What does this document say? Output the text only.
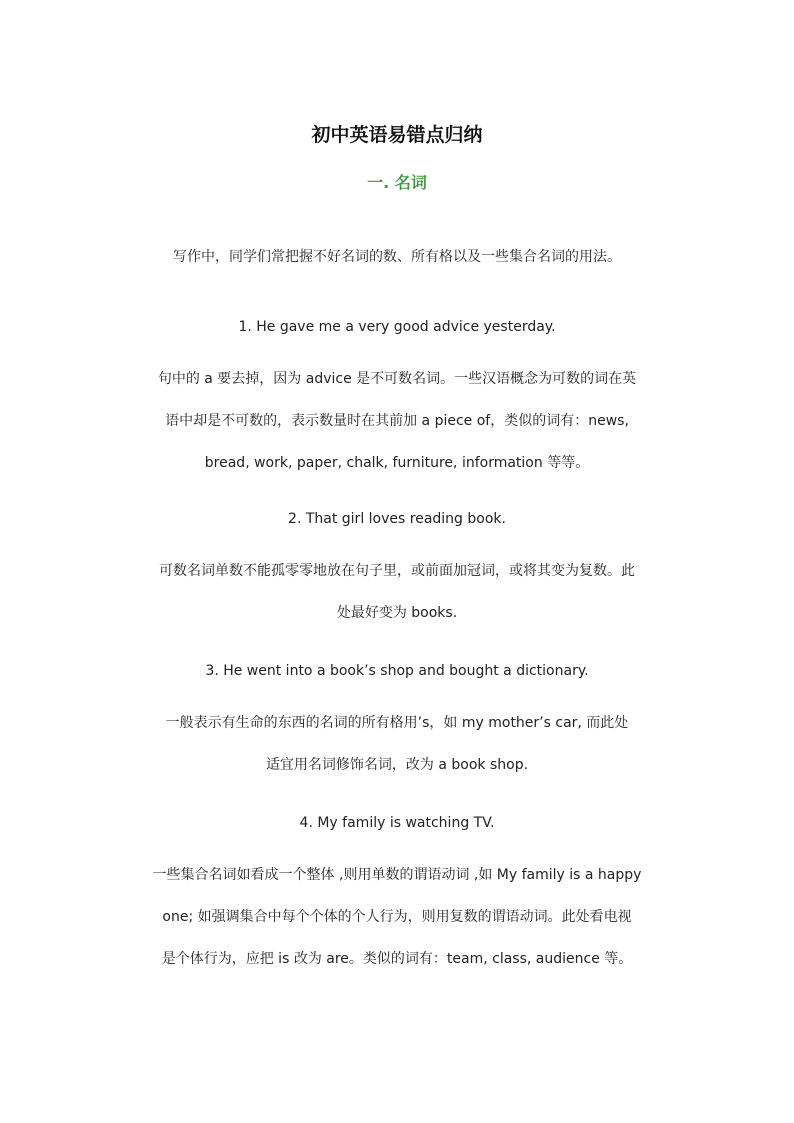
初中英语易错点归纳
一. 名词
写作中，同学们常把握不好名词的数、所有格以及一些集合名词的用法。

1. He gave me a very good advice yesterday.

句中的 a 要去掉，因为 advice 是不可数名词。一些汉语概念为可数的词在英
语中却是不可数的，表示数量时在其前加 a piece of，类似的词有：news,
bread, work, paper, chalk, furniture, information 等等。

2. That girl loves reading book.

可数名词单数不能孤零零地放在句子里，或前面加冠词，或将其变为复数。此
处最好变为 books.

3. He went into a book’s shop and bought a dictionary.

一般表示有生命的东西的名词的所有格用’s，如 my mother’s car, 而此处
适宜用名词修饰名词，改为 a book shop.

4. My family is watching TV.

一些集合名词如看成一个整体 ,则用单数的谓语动词 ,如 My family is a happy
one; 如强调集合中每个个体的个人行为，则用复数的谓语动词。此处看电视
是个体行为，应把 is 改为 are。类似的词有：team, class, audience 等。
